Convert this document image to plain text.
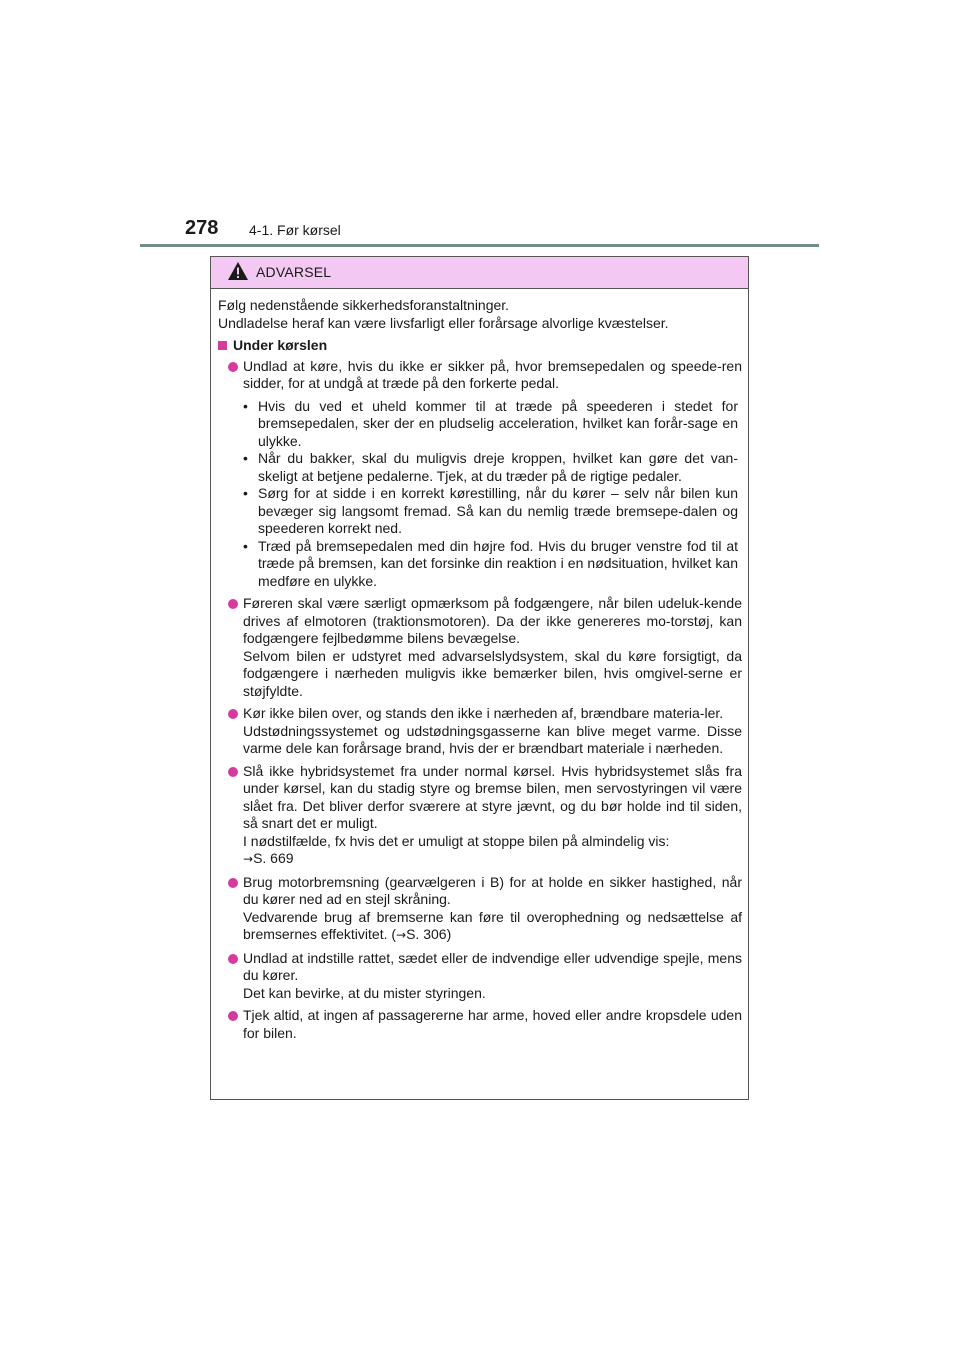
278 4-1. Før kørsel
ADVARSEL

Følg nedenstående sikkerhedsforanstaltninger.

Undladelse heraf kan være livsfarligt eller forårsage alvorlige kvæstelser.

Under kørslen

Undlad at køre, hvis du ikke er sikker på, hvor bremsepedalen og speede-ren sidder, for at undgå at træde på den forkerte pedal.

• Hvis du ved et uheld kommer til at træde på speederen i stedet for bremsepedalen, sker der en pludselig acceleration, hvilket kan forår-sage en ulykke.
• Når du bakker, skal du muligvis dreje kroppen, hvilket kan gøre det van-skeligt at betjene pedalerne. Tjek, at du træder på de rigtige pedaler.
• Sørg for at sidde i en korrekt kørestilling, når du kører – selv når bilen kun bevæger sig langsomt fremad. Så kan du nemlig træde bremsepe-dalen og speederen korrekt ned.
• Træd på bremsepedalen med din højre fod. Hvis du bruger venstre fod til at træde på bremsen, kan det forsinke din reaktion i en nødsituation, hvilket kan medføre en ulykke.

Føreren skal være særligt opmærksom på fodgængere, når bilen udeluk-kende drives af elmotoren (traktionsmotoren). Da der ikke genereres mo-torstøj, kan fodgængere fejlbedømme bilens bevægelse.

Selvom bilen er udstyret med advarselslydsystem, skal du køre forsigtigt, da fodgængere i nærheden muligvis ikke bemærker bilen, hvis omgivel-serne er støjfyldte.

Kør ikke bilen over, og stands den ikke i nærheden af, brændbare materia-ler.

Udstødningssystemet og udstødningsgasserne kan blive meget varme. Disse varme dele kan forårsage brand, hvis der er brændbart materiale i nærheden.

Slå ikke hybridsystemet fra under normal kørsel. Hvis hybridsystemet slås fra under kørsel, kan du stadig styre og bremse bilen, men servostyringen vil være slået fra. Det bliver derfor sværere at styre jævnt, og du bør holde ind til siden, så snart det er muligt.

I nødstilfælde, fx hvis det er umuligt at stoppe bilen på almindelig vis:

→S. 669

Brug motorbremsning (gearvælgeren i B) for at holde en sikker hastighed, når du kører ned ad en stejl skråning.

Vedvarende brug af bremserne kan føre til overophedning og nedsættelse af bremsernes effektivitet. (→S. 306)

Undlad at indstille rattet, sædet eller de indvendige eller udvendige spejle, mens du kører.

Det kan bevirke, at du mister styringen.

Tjek altid, at ingen af passagererne har arme, hoved eller andre kropsdele uden for bilen.
